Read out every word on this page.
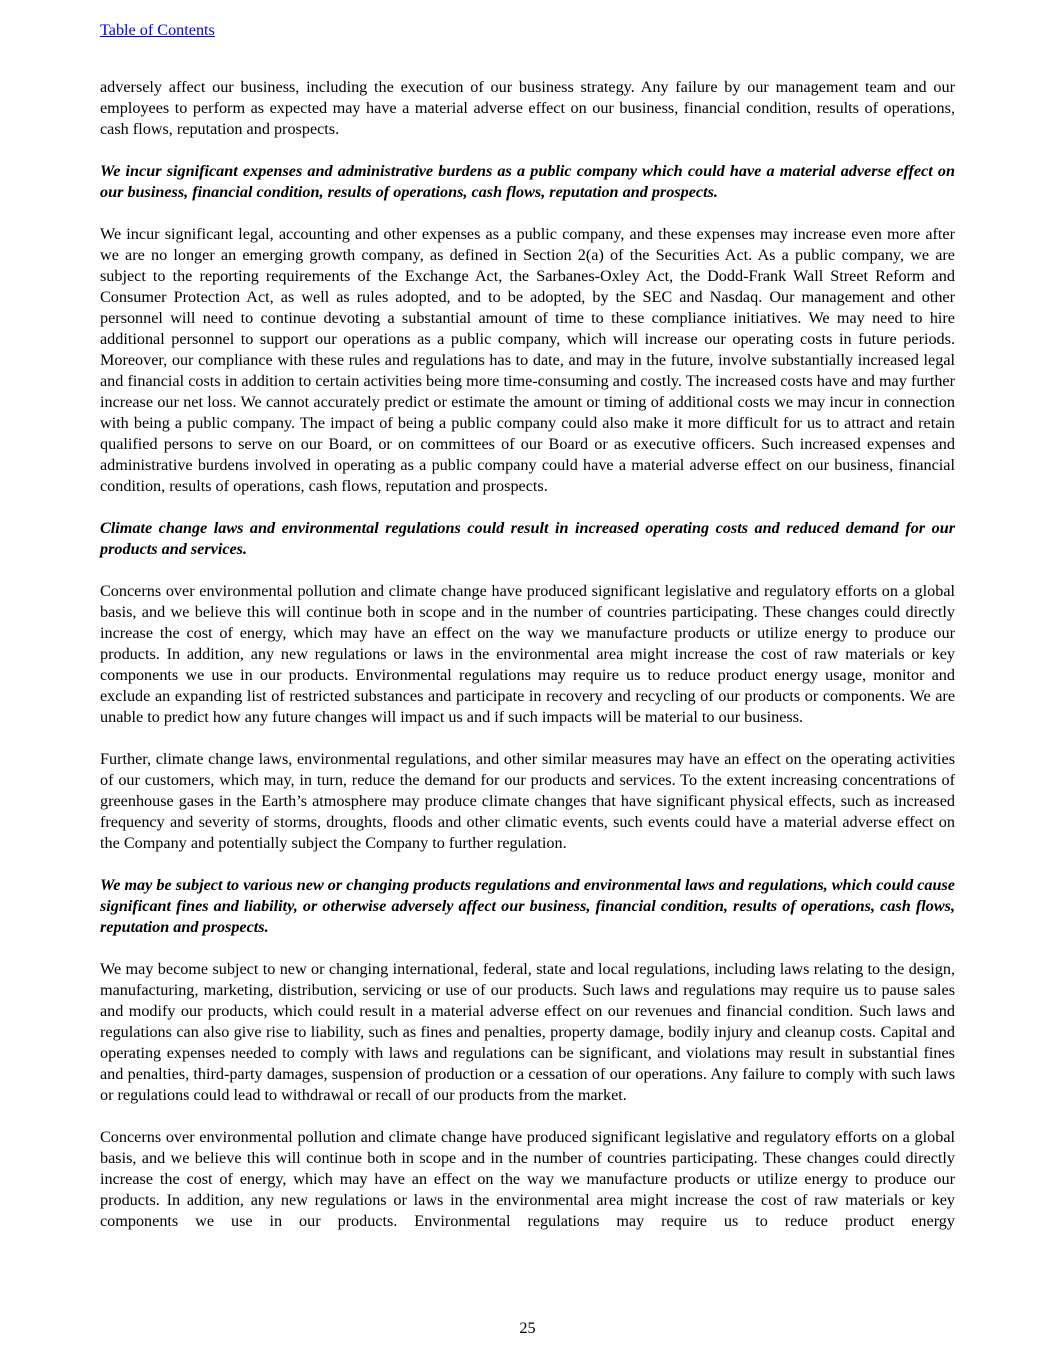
Table of Contents

adversely affect our business, including the execution of our business strategy. Any failure by our management team and our employees to perform as expected may have a material adverse effect on our business, financial condition, results of operations, cash flows, reputation and prospects.

We incur significant expenses and administrative burdens as a public company which could have a material adverse effect on our business, financial condition, results of operations, cash flows, reputation and prospects.

We incur significant legal, accounting and other expenses as a public company, and these expenses may increase even more after we are no longer an emerging growth company, as defined in Section 2(a) of the Securities Act. As a public company, we are subject to the reporting requirements of the Exchange Act, the Sarbanes-Oxley Act, the Dodd-Frank Wall Street Reform and Consumer Protection Act, as well as rules adopted, and to be adopted, by the SEC and Nasdaq. Our management and other personnel will need to continue devoting a substantial amount of time to these compliance initiatives. We may need to hire additional personnel to support our operations as a public company, which will increase our operating costs in future periods. Moreover, our compliance with these rules and regulations has to date, and may in the future, involve substantially increased legal and financial costs in addition to certain activities being more time-consuming and costly. The increased costs have and may further increase our net loss. We cannot accurately predict or estimate the amount or timing of additional costs we may incur in connection with being a public company. The impact of being a public company could also make it more difficult for us to attract and retain qualified persons to serve on our Board, or on committees of our Board or as executive officers. Such increased expenses and administrative burdens involved in operating as a public company could have a material adverse effect on our business, financial condition, results of operations, cash flows, reputation and prospects.

Climate change laws and environmental regulations could result in increased operating costs and reduced demand for our products and services.

Concerns over environmental pollution and climate change have produced significant legislative and regulatory efforts on a global basis, and we believe this will continue both in scope and in the number of countries participating. These changes could directly increase the cost of energy, which may have an effect on the way we manufacture products or utilize energy to produce our products. In addition, any new regulations or laws in the environmental area might increase the cost of raw materials or key components we use in our products. Environmental regulations may require us to reduce product energy usage, monitor and exclude an expanding list of restricted substances and participate in recovery and recycling of our products or components. We are unable to predict how any future changes will impact us and if such impacts will be material to our business.

Further, climate change laws, environmental regulations, and other similar measures may have an effect on the operating activities of our customers, which may, in turn, reduce the demand for our products and services. To the extent increasing concentrations of greenhouse gases in the Earth’s atmosphere may produce climate changes that have significant physical effects, such as increased frequency and severity of storms, droughts, floods and other climatic events, such events could have a material adverse effect on the Company and potentially subject the Company to further regulation.

We may be subject to various new or changing products regulations and environmental laws and regulations, which could cause significant fines and liability, or otherwise adversely affect our business, financial condition, results of operations, cash flows, reputation and prospects.

We may become subject to new or changing international, federal, state and local regulations, including laws relating to the design, manufacturing, marketing, distribution, servicing or use of our products. Such laws and regulations may require us to pause sales and modify our products, which could result in a material adverse effect on our revenues and financial condition. Such laws and regulations can also give rise to liability, such as fines and penalties, property damage, bodily injury and cleanup costs. Capital and operating expenses needed to comply with laws and regulations can be significant, and violations may result in substantial fines and penalties, third-party damages, suspension of production or a cessation of our operations. Any failure to comply with such laws or regulations could lead to withdrawal or recall of our products from the market.

Concerns over environmental pollution and climate change have produced significant legislative and regulatory efforts on a global basis, and we believe this will continue both in scope and in the number of countries participating. These changes could directly increase the cost of energy, which may have an effect on the way we manufacture products or utilize energy to produce our products. In addition, any new regulations or laws in the environmental area might increase the cost of raw materials or key components we use in our products. Environmental regulations may require us to reduce product energy

25
